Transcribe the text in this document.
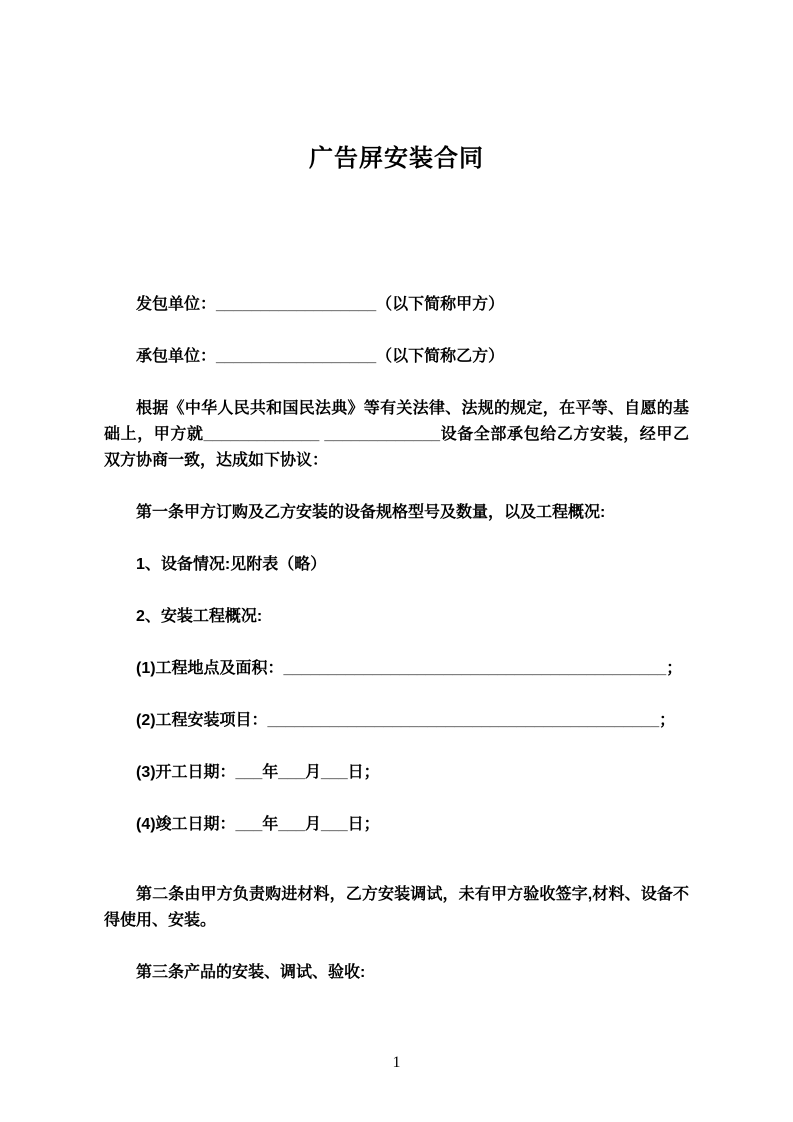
广告屏安装合同

发包单位：__________________（以下简称甲方）

承包单位：__________________（以下简称乙方）

根据《中华人民共和国民法典》等有关法律、法规的规定，在平等、自愿的基础上，甲方就_____________ _____________设备全部承包给乙方安装，经甲乙双方协商一致，达成如下协议：

第一条甲方订购及乙方安装的设备规格型号及数量，以及工程概况:

1、设备情况:见附表（略）

2、安装工程概况:

(1)工程地点及面积：___________________________________________；

(2)工程安装项目：____________________________________________；

(3)开工日期：___年___月___日；

(4)竣工日期：___年___月___日；

第二条由甲方负责购进材料，乙方安装调试，未有甲方验收签字,材料、设备不得使用、安装。

第三条产品的安装、调试、验收:

1
